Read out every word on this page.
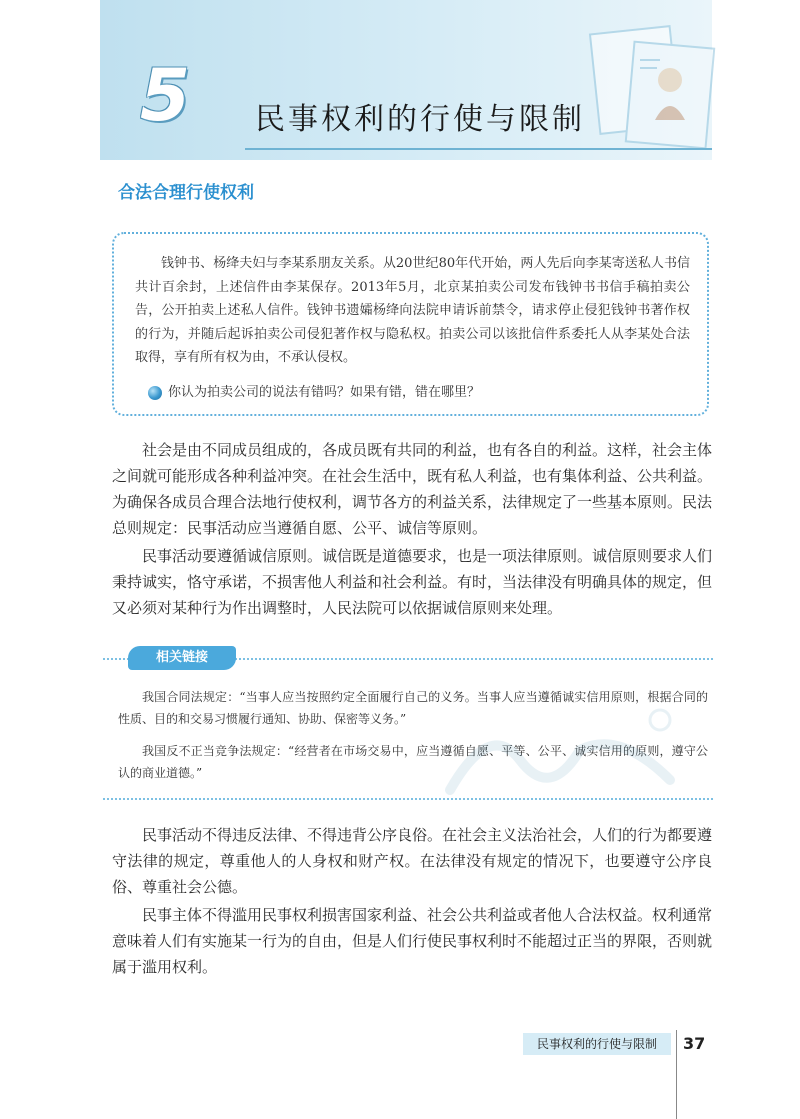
5	民事权利的行使与限制
合法合理行使权利
钱钟书、杨绛夫妇与李某系朋友关系。从20世纪80年代开始，两人先后向李某寄送私人书信共计百余封，上述信件由李某保存。2013年5月，北京某拍卖公司发布钱钟书书信手稿拍卖公告，公开拍卖上述私人信件。钱钟书遗孀杨绛向法院申请诉前禁令，请求停止侵犯钱钟书著作权的行为，并随后起诉拍卖公司侵犯著作权与隐私权。拍卖公司以该批信件系委托人从李某处合法取得，享有所有权为由，不承认侵权。
你认为拍卖公司的说法有错吗？如果有错，错在哪里？
社会是由不同成员组成的，各成员既有共同的利益，也有各自的利益。这样，社会主体之间就可能形成各种利益冲突。在社会生活中，既有私人利益，也有集体利益、公共利益。为确保各成员合理合法地行使权利，调节各方的利益关系，法律规定了一些基本原则。民法总则规定：民事活动应当遵循自愿、公平、诚信等原则。
民事活动要遵循诚信原则。诚信既是道德要求，也是一项法律原则。诚信原则要求人们秉持诚实，恪守承诺，不损害他人利益和社会利益。有时，当法律没有明确具体的规定，但又必须对某种行为作出调整时，人民法院可以依据诚信原则来处理。
相关链接
我国合同法规定：“当事人应当按照约定全面履行自己的义务。当事人应当遵循诚实信用原则，根据合同的性质、目的和交易习惯履行通知、协助、保密等义务。”
我国反不正当竞争法规定：“经营者在市场交易中，应当遵循自愿、平等、公平、诚实信用的原则，遵守公认的商业道德。”
民事活动不得违反法律、不得违背公序良俗。在社会主义法治社会，人们的行为都要遵守法律的规定，尊重他人的人身权和财产权。在法律没有规定的情况下，也要遵守公序良俗、尊重社会公德。
民事主体不得滥用民事权利损害国家利益、社会公共利益或者他人合法权益。权利通常意味着人们有实施某一行为的自由，但是人们行使民事权利时不能超过正当的界限，否则就属于滥用权利。
民事权利的行使与限制	37
